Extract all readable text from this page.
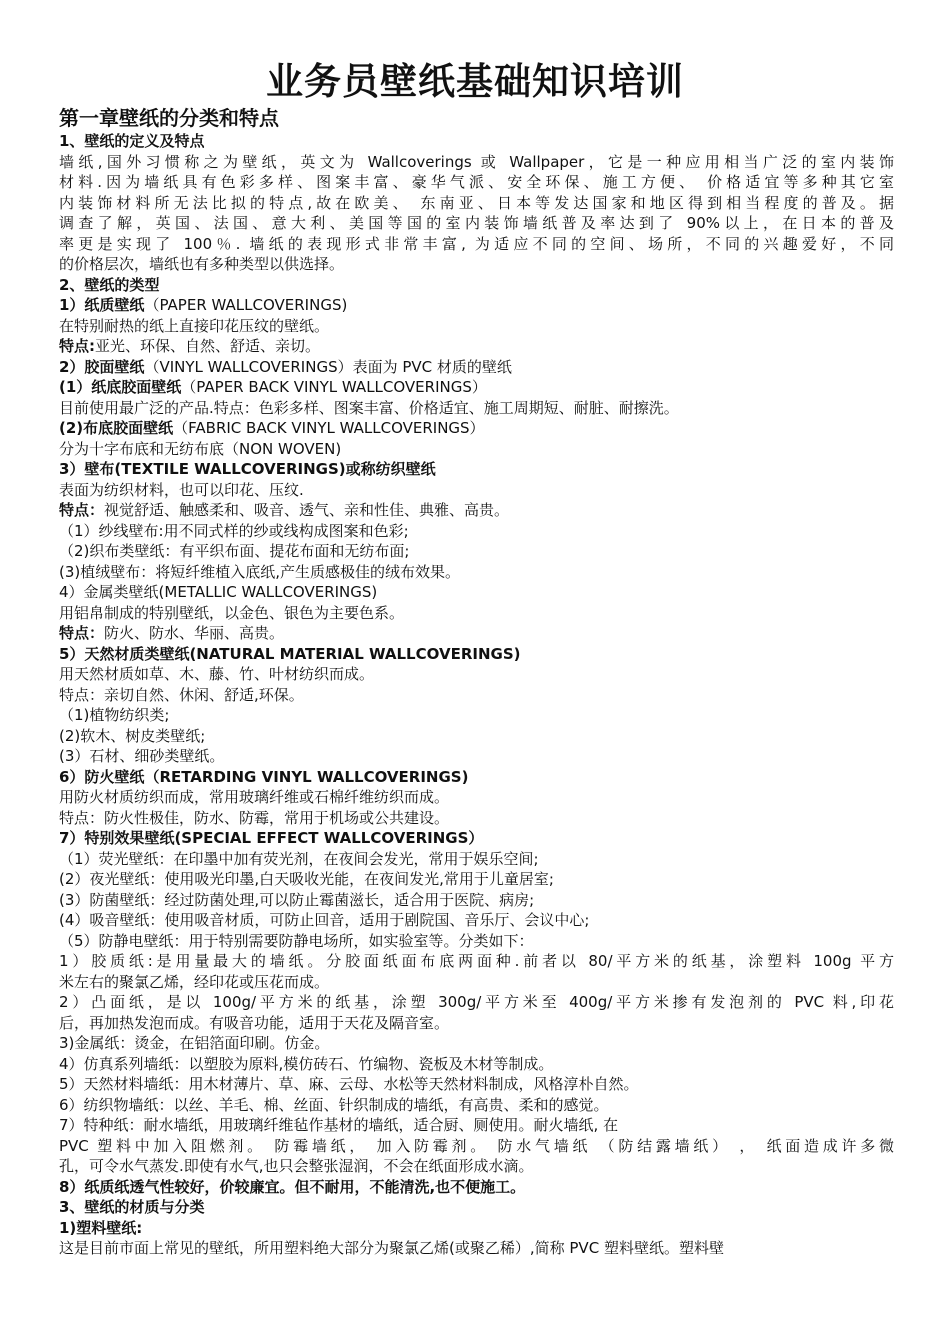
业务员壁纸基础知识培训
第一章壁纸的分类和特点
1、壁纸的定义及特点
墙纸,国外习惯称之为壁纸，英文为 Wallcoverings 或 Wallpaper，它是一种应用相当广泛的室内装饰
材料.因为墙纸具有色彩多样、图案丰富、豪华气派、安全环保、施工方便、 价格适宜等多种其它室
内装饰材料所无法比拟的特点,故在欧美、 东南亚、日本等发达国家和地区得到相当程度的普及。据
调查了解，英国、法国、意大利、美国等国的室内装饰墙纸普及率达到了 90%以上，在日本的普及
率更是实现了 100％. 墙纸的表现形式非常丰富, 为适应不同的空间、场所，不同的兴趣爱好，不同
的价格层次，墙纸也有多种类型以供选择。
2、壁纸的类型
1）纸质壁纸（PAPER WALLCOVERINGS)
在特别耐热的纸上直接印花压纹的壁纸。
特点:亚光、环保、自然、舒适、亲切。
2）胶面壁纸（VINYL WALLCOVERINGS）表面为 PVC 材质的壁纸
(1）纸底胶面壁纸（PAPER BACK VINYL WALLCOVERINGS）
目前使用最广泛的产品.特点：色彩多样、图案丰富、价格适宜、施工周期短、耐脏、耐擦洗。
(2)布底胶面壁纸（FABRIC BACK VINYL WALLCOVERINGS）
分为十字布底和无纺布底（NON WOVEN)
3）壁布(TEXTILE WALLCOVERINGS)或称纺织壁纸
表面为纺织材料，也可以印花、压纹.
特点：视觉舒适、触感柔和、吸音、透气、亲和性佳、典雅、高贵。
（1）纱线壁布:用不同式样的纱或线构成图案和色彩;
（2)织布类壁纸：有平织布面、提花布面和无纺布面;
(3)植绒壁布：将短纤维植入底纸,产生质感极佳的绒布效果。
4）金属类壁纸(METALLIC WALLCOVERINGS)
用铝帛制成的特别壁纸，以金色、银色为主要色系。
特点：防火、防水、华丽、高贵。
5）天然材质类壁纸(NATURAL MATERIAL WALLCOVERINGS)
用天然材质如草、木、藤、竹、叶材纺织而成。
特点：亲切自然、休闲、舒适,环保。
（1)植物纺织类;
(2)软木、树皮类壁纸;
(3）石材、细砂类壁纸。
6）防火壁纸（RETARDING VINYL WALLCOVERINGS)
用防火材质纺织而成，常用玻璃纤维或石棉纤维纺织而成。
特点：防火性极佳，防水、防霉，常用于机场或公共建设。
7）特别效果壁纸(SPECIAL EFFECT WALLCOVERINGS）
（1）荧光壁纸：在印墨中加有荧光剂，在夜间会发光，常用于娱乐空间;
(2）夜光壁纸：使用吸光印墨,白天吸收光能，在夜间发光,常用于儿童居室;
(3）防菌壁纸：经过防菌处理,可以防止霉菌滋长，适合用于医院、病房;
(4）吸音壁纸：使用吸音材质，可防止回音，适用于剧院国、音乐厅、会议中心;
（5）防静电壁纸：用于特别需要防静电场所，如实验室等。分类如下：
1）胶质纸:是用量最大的墙纸。分胶面纸面布底两面种.前者以 80/平方米的纸基，涂塑料 100g 平方
米左右的聚氯乙烯，经印花或压花而成。
2）凸面纸，是以 100g/平方米的纸基，涂塑 300g/平方米至 400g/平方米掺有发泡剂的 PVC 料,印花
后，再加热发泡而成。有吸音功能，适用于天花及隔音室。
3)金属纸：烫金，在铝箔面印刷。仿金。
4）仿真系列墙纸：以塑胶为原料,模仿砖石、竹编物、瓷板及木材等制成。
5）天然材料墙纸：用木材薄片、草、麻、云母、水松等天然材料制成，风格淳朴自然。
6）纺织物墙纸：以丝、羊毛、棉、丝面、针织制成的墙纸，有高贵、柔和的感觉。
7）特种纸：耐水墙纸，用玻璃纤维毡作基材的墙纸，适合厨、厕使用。耐火墙纸, 在
PVC 塑料中加入阻燃剂。 防霉墙纸， 加入防霉剂。 防水气墙纸 （防结露墙纸） ， 纸面造成许多微
孔，可令水气蒸发.即使有水气,也只会整张湿润，不会在纸面形成水滴。
8）纸质纸透气性较好，价较廉宜。但不耐用，不能清洗,也不便施工。
3、壁纸的材质与分类
1)塑料壁纸:
这是目前市面上常见的壁纸，所用塑料绝大部分为聚氯乙烯(或聚乙稀）,简称 PVC 塑料壁纸。塑料壁
